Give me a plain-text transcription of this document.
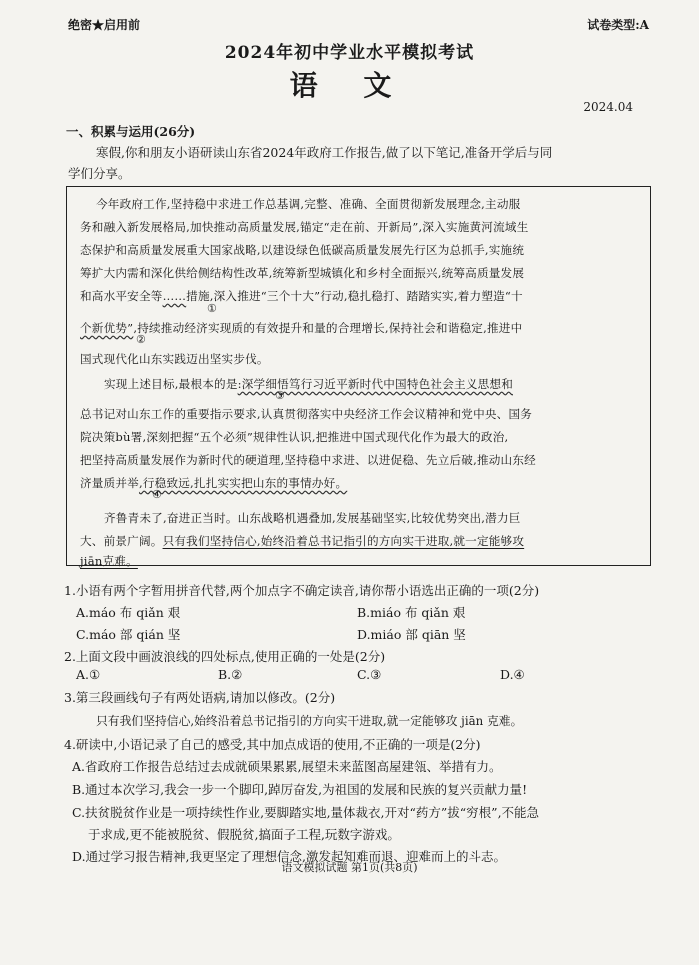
绝密★启用前	试卷类型:A
2024年初中学业水平模拟考试
语 文
2024.04
一、积累与运用(26分)
寒假,你和朋友小语研读山东省2024年政府工作报告,做了以下笔记,准备开学后与同
学们分享。
今年政府工作,坚持稳中求进工作总基调,完整、准确、全面贯彻新发展理念,主动服
务和融入新发展格局,加快推动高质量发展,锚定“走在前、开新局”,深入实施黄河流域生
态保护和高质量发展重大国家战略,以建设绿色低碳高质量发展先行区为总抓手,实施统
筹扩大内需和深化供给侧结构性改革,统筹新型城镇化和乡村全面振兴,统筹高质量发展
和高水平安全等……措施,深入推进“三个十大”行动,稳扎稳打、踏踏实实,着力塑造“十
①
个新优势”,持续推动经济实现质的有效提升和量的合理增长,保持社会和谐稳定,推进中
②
国式现代化山东实践迈出坚实步伐。
实现上述目标,最根本的是:深学细悟笃行习近平新时代中国特色社会主义思想和
③
总书记对山东工作的重要指示要求,认真贯彻落实中央经济工作会议精神和党中央、国务
院决策bù署,深刻把握“五个必须”规律性认识,把推进中国式现代化作为最大的政治,
把坚持高质量发展作为新时代的硬道理,坚持稳中求进、以进促稳、先立后破,推动山东经
济量质并举,行稳致远,扎扎实实把山东的事情办好。
④
齐鲁青未了,奋进正当时。山东战略机遇叠加,发展基础坚实,比较优势突出,潜力巨
大、前景广阔。只有我们坚持信心,始终沿着总书记指引的方向实干进取,就一定能够攻
jiān克难。
1.小语有两个字暂用拼音代替,两个加点字不确定读音,请你帮小语选出正确的一项(2分)
A.máo 布 qiǎn 艰	B.miáo 布 qiǎn 艰
C.máo 部 qián 坚	D.miáo 部 qiān 坚
2.上面文段中画波浪线的四处标点,使用正确的一处是(2分)
A.①	B.②	C.③	D.④
3.第三段画线句子有两处语病,请加以修改。(2分)
只有我们坚持信心,始终沿着总书记指引的方向实干进取,就一定能够攻 jiān 克难。
4.研读中,小语记录了自己的感受,其中加点成语的使用,不正确的一项是(2分)
A.省政府工作报告总结过去成就硕果累累,展望未来蓝图高屋建瓴、举措有力。
B.通过本次学习,我会一步一个脚印,踔厉奋发,为祖国的发展和民族的复兴贡献力量!
C.扶贫脱贫作业是一项持续性作业,要脚踏实地,量体裁衣,开对“药方”拔“穷根”,不能急
于求成,更不能被脱贫、假脱贫,搞面子工程,玩数字游戏。
D.通过学习报告精神,我更坚定了理想信念,激发起知难而退、迎难而上的斗志。
语文模拟试题 第1页(共8页)
